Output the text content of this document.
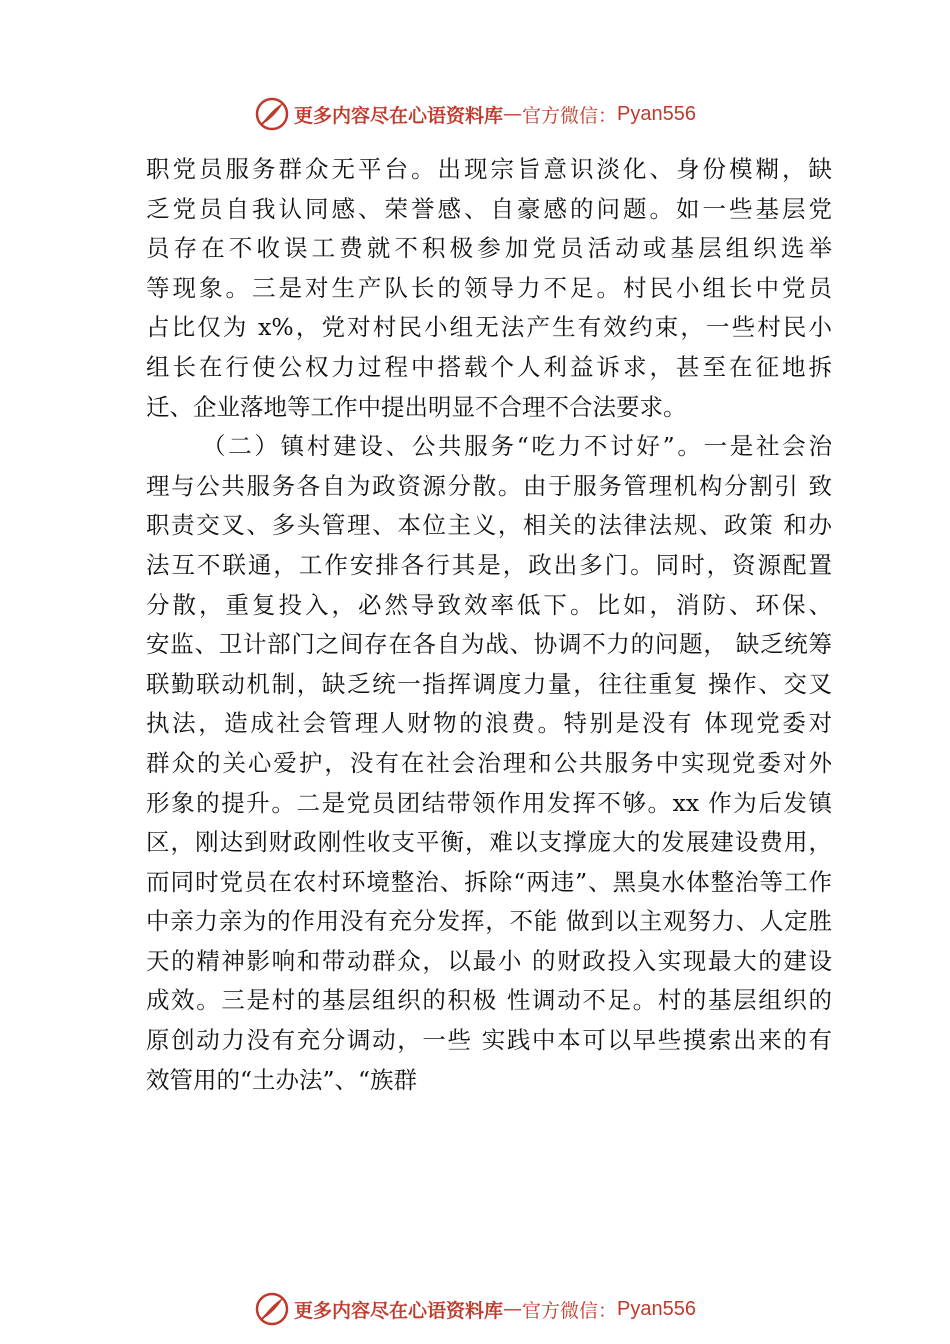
更多内容尽在心语资料库 — 官方微信： Pyan556
职党员服务群众无平台。出现宗旨意识淡化、身份模糊，缺
乏党员自我认同感、荣誉感、自豪感的问题。如一些基层党
员存在不收误工费就不积极参加党员活动或基层组织选举
等现象。三是对生产队长的领导力不足。村民小组长中党员
占比仅为 x%，党对村民小组无法产生有效约束，一些村民小
组长在行使公权力过程中搭载个人利益诉求，甚至在征地拆
迁、企业落地等工作中提出明显不合理不合法要求。
（二）镇村建设、公共服务“吃力不讨好”。一是社会治
理与公共服务各自为政资源分散。由于服务管理机构分割引 致
职责交叉、多头管理、本位主义，相关的法律法规、政策 和办
法互不联通，工作安排各行其是，政出多门。同时，资源配置
分散，重复投入，必然导致效率低下。比如，消防、环保、
安监、卫计部门之间存在各自为战、协调不力的问题， 缺乏统筹
联勤联动机制，缺乏统一指挥调度力量，往往重复 操作、交叉
执法，造成社会管理人财物的浪费。特别是没有 体现党委对
群众的关心爱护，没有在社会治理和公共服务中实现党委对外
形象的提升。二是党员团结带领作用发挥不够。xx 作为后发镇
区，刚达到财政刚性收支平衡，难以支撑庞大的发展建设费用，
而同时党员在农村环境整治、拆除“两违”、黑臭水体整治等工作
中亲力亲为的作用没有充分发挥，不能 做到以主观努力、人定胜
天的精神影响和带动群众，以最小 的财政投入实现最大的建设
成效。三是村的基层组织的积极 性调动不足。村的基层组织的
原创动力没有充分调动，一些 实践中本可以早些摸索出来的有
效管用的“土办法”、“族群
更多内容尽在心语资料库 — 官方微信： Pyan556
